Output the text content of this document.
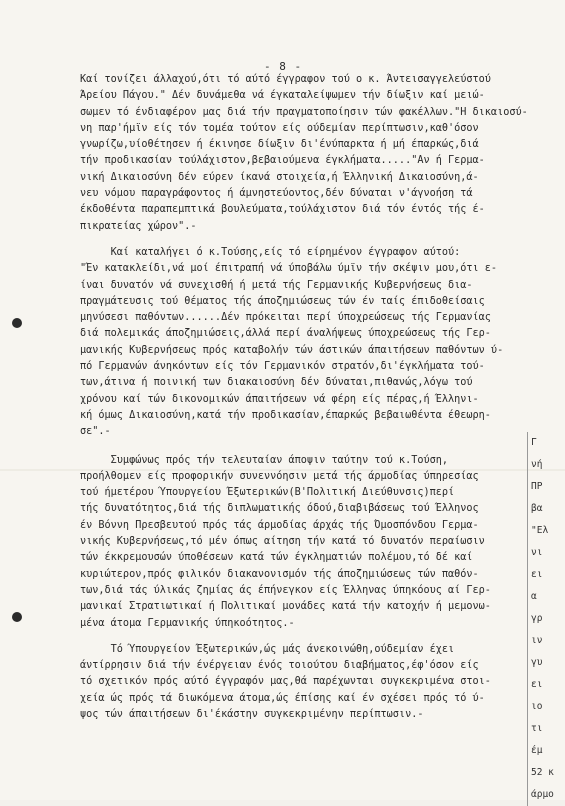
- 8 -
Καί τονίζει άλλαχού,ότι τό αύτό έγγραφον τού ο κ. Άντεισαγγελεύστού
Άρείου Πάγου." Δέν δυνάμεθα νά έγκαταλείψωμεν τήν δίωξιν καί μειώ-
σωμεν τό ένδιαφέρον μας διά τήν πραγματοποίησιν τών φακέλλων."Η δικαιοσύ-
νη παρ'ήμϊν είς τόν τομέα τούτον είς ούδεμίαν περίπτωσιν,καθ'όσον
γνωρίζω,υίοθέτησεν ή έκινησε δίωξιν δι'ένύπαρκτα ή μή έπαρκώς,διά
τήν προδικασίαν τούλάχιστον,βεβαιούμενα έγκλήματα....."Αν ή Γερμα-
νική Δικαιοσύνη δέν εύρεν ίκανά στοιχεία,ή Έλληνική Δικαιοσύνη,ά-
νευ νόμου παραγράφοντος ή άμνηστεύοντος,δέν δύναται ν'άγνοήση τά
έκδοθέντα παραπεμπτικά βουλεύματα,τούλάχιστον διά τόν έντός τής έ-
πικρατείας χώρον".-
Καί καταλήγει ό κ.Τούσης,είς τό είρημένον έγγραφον αύτού:
"Έν κατακλείδι,νά μοί έπιτραπή νά ύποβάλω ύμϊν τήν σκέψιν μου,ότι ε-
ίναι δυνατόν νά συνεχισθή ή μετά τής Γερμανικής Κυβερνήσεως δια-
πραγμάτευσις τού θέματος τής άποζημιώσεως τών έν ταίς έπιδοθείσαις
μηνύσεσι παθόντων......Δέν πρόκειται περί ύποχρεώσεως τής Γερμανίας
διά πολεμικάς άποζημιώσεις,άλλά περί άναλήψεως ύποχρεώσεως τής Γερ-
μανικής Κυβερνήσεως πρός καταβολήν τών άστικών άπαιτήσεων παθόντων ύ-
πό Γερμανών άνηκόντων είς τόν Γερμανικόν στρατόν,δι'έγκλήματα τού-
των,άτινα ή ποινική των διακαιοσύνη δέν δύναται,πιθανώς,λόγω τού
χρόνου καί τών δικονομικών άπαιτήσεων νά φέρη είς πέρας,ή Έλληνι-
κή όμως Δικαιοσύνη,κατά τήν προδικασίαν,έπαρκώς βεβαιωθέντα έθεωρη-
σε".-
Συμφώνως πρός τήν τελευταίαν άποψιν ταύτην τού κ.Τούση,
προήλθομεν είς προφορικήν συνεννόησιν μετά τής άρμοδίας ύπηρεσίας
τού ήμετέρου Ύπουργείου Έξωτερικών(Β'Πολιτική Διεύθυνσις)περί
τής δυνατότητος,διά τής διπλωματικής όδού,διαβιβάσεως τού Έλληνος
έν Βόννη Πρεσβευτού πρός τάς άρμοδίας άρχάς τής Όμοσπόνδου Γερμα-
νικής Κυβερνήσεως,τό μέν όπως αίτηση τήν κατά τό δυνατόν περαίωσιν
τών έκκρεμουσών ύποθέσεων κατά τών έγκληματιών πολέμου,τό δέ καί
κυριώτερον,πρός φιλικόν διακανονισμόν τής άποζημιώσεως τών παθόν-
των,διά τάς ύλικάς ζημίας άς έπήνεγκον είς Έλληνας ύπηκόους αί Γερ-
μανικαί Στρατιωτικαί ή Πολιτικαί μονάδες κατά τήν κατοχήν ή μεμονω-
μένα άτομα Γερμανικής ύπηκοότητος.-
Τό Ύπουργείον Έξωτερικών,ώς μάς άνεκοινώθη,ούδεμίαν έχει
άντίρρησιν διά τήν ένέργειαν ένός τοιούτου διαβήματος,έφ'όσον είς
τό σχετικόν πρός αύτό έγγραφόν μας,θά παρέχωνται συγκεκριμένα στοι-
χεία ώς πρός τά διωκόμενα άτομα,ώς έπίσης καί έν σχέσει πρός τό ύ-
ψος τών άπαιτήσεων δι'έκάστην συγκεκριμένην περίπτωσιν.-
Γ
νή
ΠΡ
βα
"Ελ
νι
ει
α
γρ
ιν
γυ
ει
ιο
τι
έμ
52 κ
άρμο
